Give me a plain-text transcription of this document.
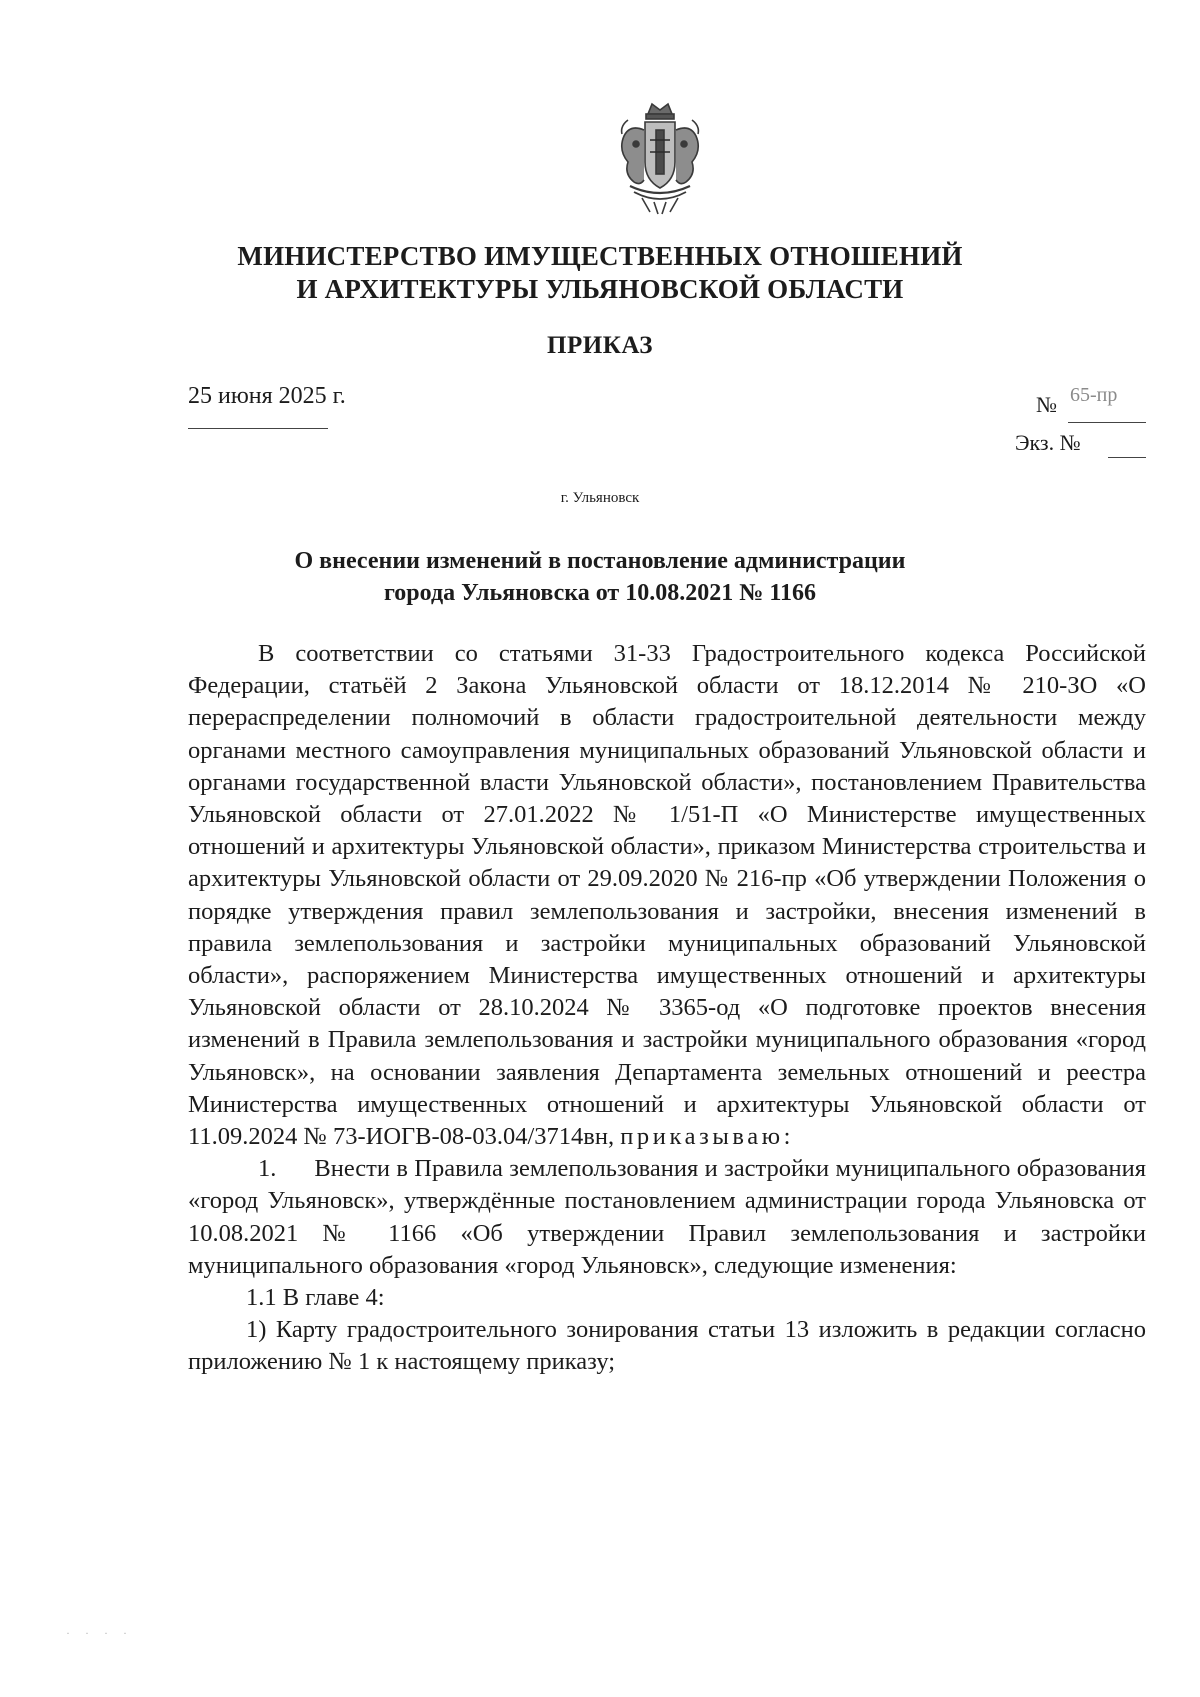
МИНИСТЕРСТВО ИМУЩЕСТВЕННЫХ ОТНОШЕНИЙ
И АРХИТЕКТУРЫ УЛЬЯНОВСКОЙ ОБЛАСТИ
ПРИКАЗ
25 июня 2025 г.	№ 65-пр
Экз. №
г. Ульяновск
О внесении изменений в постановление администрации
города Ульяновска от 10.08.2021 № 1166

В соответствии со статьями 31-33 Градостроительного кодекса Российской Федерации, статьёй 2 Закона Ульяновской области от 18.12.2014 № 210-ЗО «О перераспределении полномочий в области градостроительной деятельности между органами местного самоуправления муниципальных образований Ульяновской области и органами государственной власти Ульяновской области», постановлением Правительства Ульяновской области от 27.01.2022 № 1/51-П «О Министерстве имущественных отношений и архитектуры Ульяновской области», приказом Министерства строительства и архитектуры Ульяновской области от 29.09.2020 № 216-пр «Об утверждении Положения о порядке утверждения правил землепользования и застройки, внесения изменений в правила землепользования и застройки муниципальных образований Ульяновской области», распоряжением Министерства имущественных отношений и архитектуры Ульяновской области от 28.10.2024 № 3365-од «О подготовке проектов внесения изменений в Правила землепользования и застройки муниципального образования «город Ульяновск», на основании заявления Департамента земельных отношений и реестра Министерства имущественных отношений и архитектуры Ульяновской области от 11.09.2024 № 73-ИОГВ-08-03.04/3714вн, приказываю:

1. Внести в Правила землепользования и застройки муниципального образования «город Ульяновск», утверждённые постановлением администрации города Ульяновска от 10.08.2021 № 1166 «Об утверждении Правил землепользования и застройки муниципального образования «город Ульяновск», следующие изменения:

1.1 В главе 4:

1) Карту градостроительного зонирования статьи 13 изложить в редакции согласно приложению № 1 к настоящему приказу;

· · · ·
